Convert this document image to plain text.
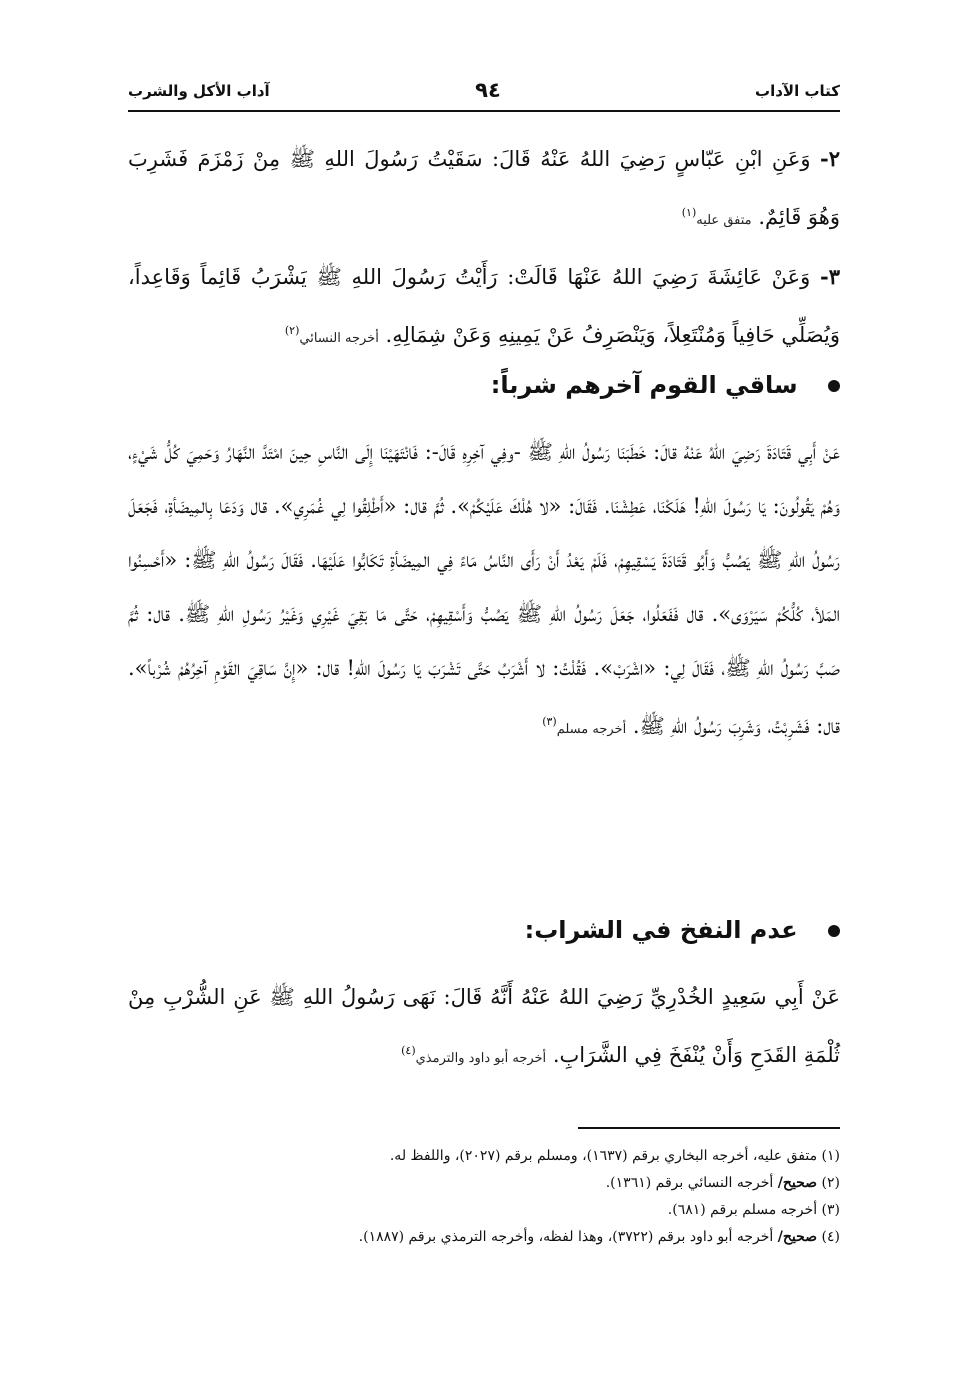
كتاب الآداب
٩٤
آداب الأكل والشرب
٢- وَعَنِ ابْنِ عَبّاسٍ رَضِيَ اللهُ عَنْهُ قَالَ: سَقَيْتُ رَسُولَ اللهِ ﷺ مِنْ زَمْزَمَ فَشَرِبَ وَهُوَ قَائِمٌ. متفق عليه$^{(١)}$
٣- وَعَنْ عَائِشَةَ رَضِيَ اللهُ عَنْهَا قَالَتْ: رَأَيْتُ رَسُولَ اللهِ ﷺ يَشْرَبُ قَائِماً وَقَاعِداً، وَيُصَلِّي حَافِياً وَمُنْتَعِلاً، وَيَنْصَرِفُ عَنْ يَمِينِهِ وَعَنْ شِمَالِهِ. أخرجه النسائي$^{(٢)}$
ساقي القوم آخرهم شرباً:
عَنْ أَبِي قَتَادَةَ رَضِيَ اللهُ عَنْهُ قالَ: خَطَبَنَا رَسُولُ اللهِ ﷺ -وفِي آخِرِهِ قَالَ-: فَانْتَهَيْنَا إِلَى النَّاسِ حِينَ امْتَدَّ النَّهَارُ وَحَمِيَ كُلُّ شَيْءٍ، وَهُمْ يَقُولُونَ: يَا رَسُولَ اللهِ! هَلَكْنَا، عَطِشْنَا. فَقَالَ: «لا هُلْكَ عَلَيْكُمْ». ثُمَّ قال: «أَطْلِقُوا لِي غُمَرِي». قال وَدَعَا بِالمِيضَأةِ، فَجَعَلَ رَسُولُ اللهِ ﷺ يَصُبُّ وَأَبُو قَتَادَةَ يَسْقِيهِمْ، فَلَمْ يَعْدُ أَنْ رَأَى النَّاسُ مَاءً فِي المِيضَأةِ تَكَابُّوا عَلَيْهَا. فَقَالَ رَسُولُ اللهِ ﷺ: «أَحْسِنُوا المَلأ، كُلُّكُمْ سَيَرْوَى». قال فَفَعَلُوا، جَعَلَ رَسُولُ اللهِ ﷺ يَصُبُّ وَأَسْقِيهِمْ، حَتَّى مَا بَقِيَ غَيْرِي وَغَيْرُ رَسُولِ اللهِ ﷺ. قال: ثُمَّ صَبَّ رَسُولُ اللهِ ﷺ، فَقَالَ لِي: «اشْرَبْ». فَقُلْتُ: لا أَشْرَبُ حَتَّى تَشْرَبَ يَا رَسُولَ اللهِ! قال: «إِنَّ سَاقِيَ القَوْمِ آخِرُهُمْ شُرْباً». قال: فَشَرِبْتُ، وَشَرِبَ رَسُولُ اللهِ ﷺ. أخرجه مسلم$^{(٣)}$
عدم النفخ في الشراب:
عَنْ أَبِي سَعِيدٍ الخُدْرِيِّ رَضِيَ اللهُ عَنْهُ أَنَّهُ قَالَ: نَهَى رَسُولُ اللهِ ﷺ عَنِ الشُّرْبِ مِنْ ثُلْمَةِ القَدَحِ وَأَنْ يُنْفَخَ فِي الشَّرَابِ. أخرجه أبو داود والترمذي$^{(٤)}$
(١) متفق عليه، أخرجه البخاري برقم (١٦٣٧)، ومسلم برقم (٢٠٢٧)، واللفظ له.
(٢) صحيح/ أخرجه النسائي برقم (١٣٦١).
(٣) أخرجه مسلم برقم (٦٨١).
(٤) صحيح/ أخرجه أبو داود برقم (٣٧٢٢)، وهذا لفظه، وأخرجه الترمذي برقم (١٨٨٧).
